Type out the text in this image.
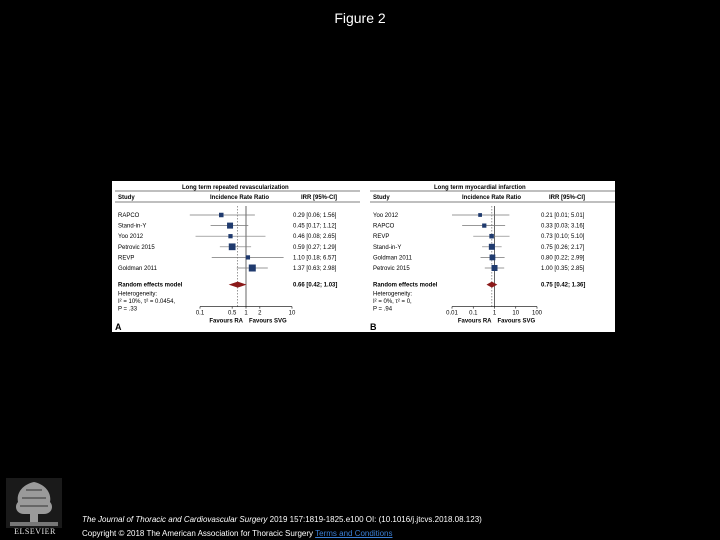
Figure 2
Long term repeated revascularization
Study	Incidence Rate Ratio	IRR [95%-CI]
RAPCO	0.29 [0.06; 1.56]
Stand-in-Y	0.45 [0.17; 1.12]
Yoo 2012	0.46 [0.08; 2.65]
Petrovic 2015	0.59 [0.27; 1.29]
REVP	1.10 [0.18; 6.57]
Goldman 2011	1.37 [0.63; 2.98]
Random effects model	0.66 [0.42; 1.03]
Heterogeneity:
I² = 10%, τ² = 0.0454,
P = .33
0.1	0.5 1 2	10
Favours RA Favours SVG
A
Long term myocardial infarction
Study	Incidence Rate Ratio	IRR [95%-CI]
Yoo 2012	0.21 [0.01; 5.01]
RAPCO	0.33 [0.03; 3.16]
REVP	0.73 [0.10; 5.10]
Stand-in-Y	0.75 [0.26; 2.17]
Goldman 2011	0.80 [0.22; 2.99]
Petrovic 2015	1.00 [0.35; 2.85]
Random effects model	0.75 [0.42; 1.36]
Heterogeneity:
I² = 0%, τ² = 0,
P = .94
0.01 0.1	1	10 100
Favours RA Favours SVG
B
ELSEVIER
The Journal of Thoracic and Cardiovascular Surgery 2019 157:1819-1825.e100 OI: (10.1016/j.jtcvs.2018.08.123)
Copyright © 2018 The American Association for Thoracic Surgery Terms and Conditions
